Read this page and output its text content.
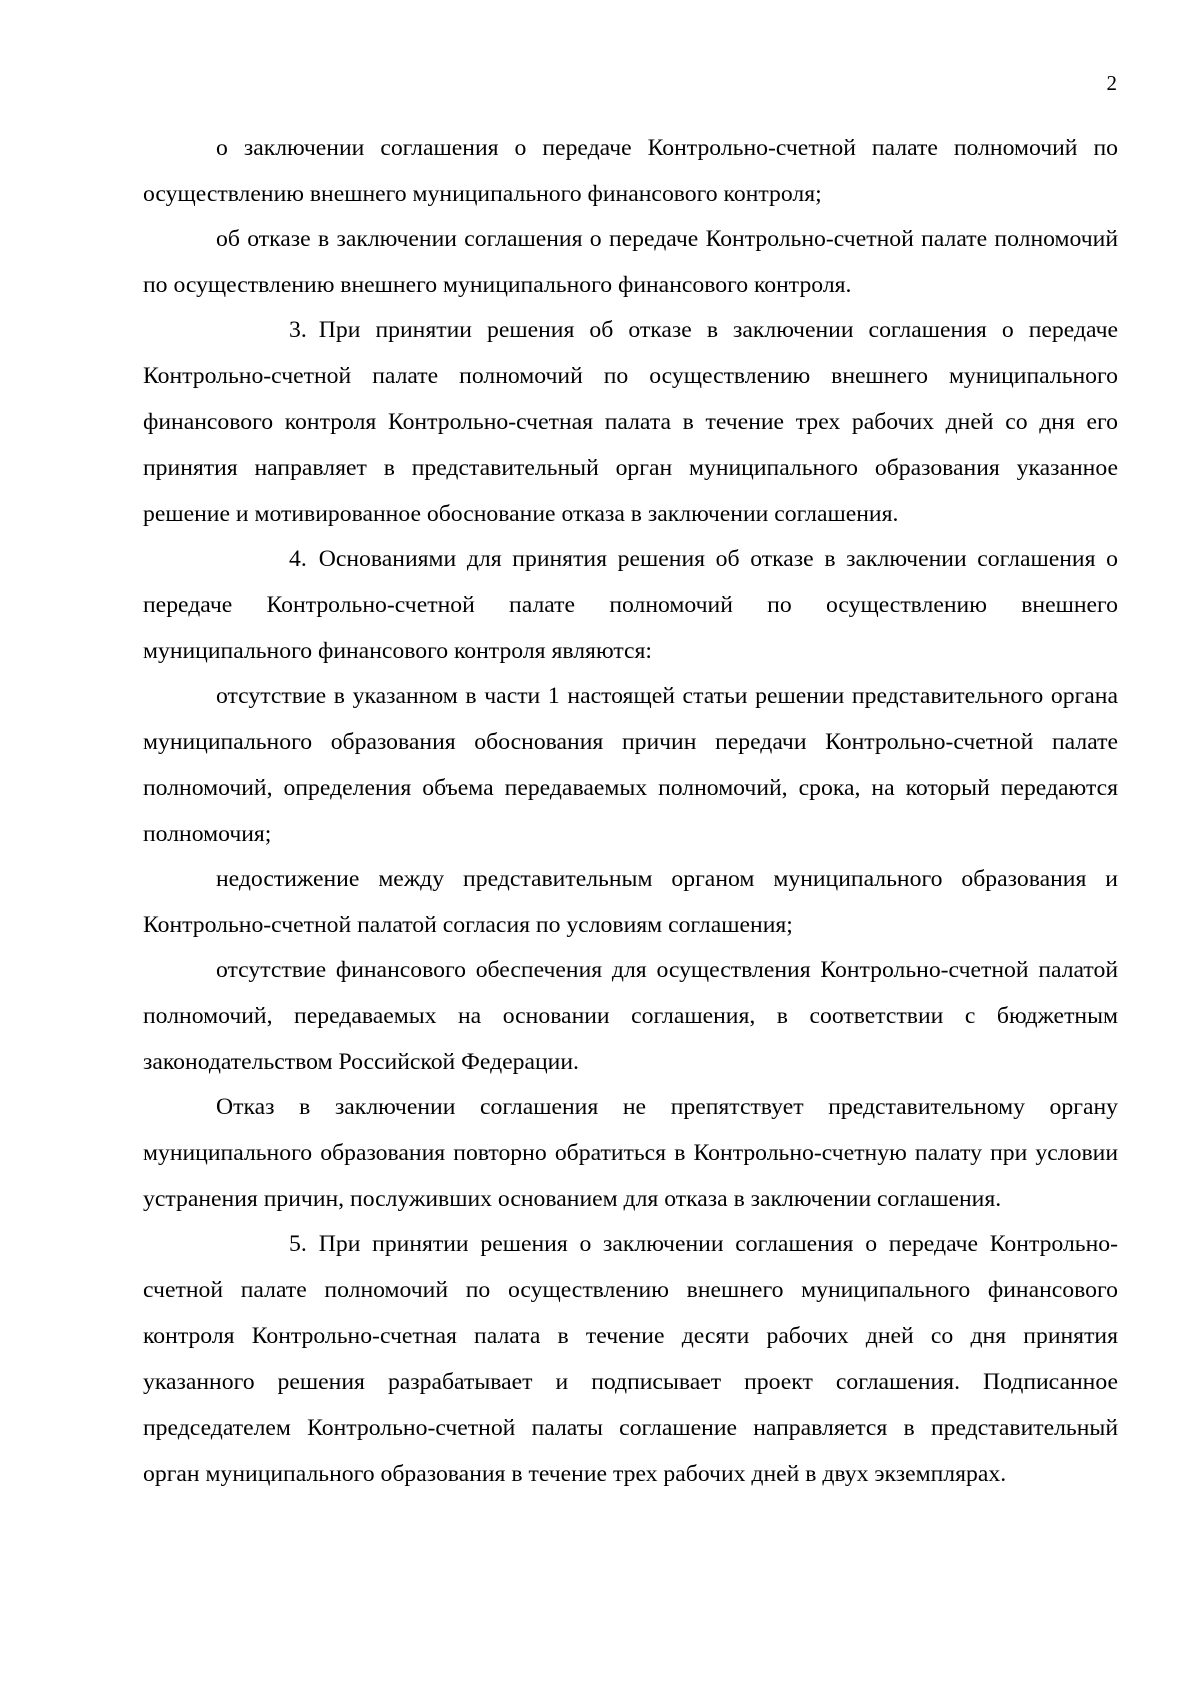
2

о заключении соглашения о передаче Контрольно-счетной палате полномочий по осуществлению внешнего муниципального финансового контроля;

об отказе в заключении соглашения о передаче Контрольно-счетной палате полномочий по осуществлению внешнего муниципального финансового контроля.

3. При принятии решения об отказе в заключении соглашения о передаче Контрольно-счетной палате полномочий по осуществлению внешнего муниципального финансового контроля Контрольно-счетная палата в течение трех рабочих дней со дня его принятия направляет в представительный орган муниципального образования указанное решение и мотивированное обоснование отказа в заключении соглашения.

4. Основаниями для принятия решения об отказе в заключении соглашения о передаче Контрольно-счетной палате полномочий по осуществлению внешнего муниципального финансового контроля являются:

отсутствие в указанном в части 1 настоящей статьи решении представительного органа муниципального образования обоснования причин передачи Контрольно-счетной палате полномочий, определения объема передаваемых полномочий, срока, на который передаются полномочия;

недостижение между представительным органом муниципального образования и Контрольно-счетной палатой согласия по условиям соглашения;

отсутствие финансового обеспечения для осуществления Контрольно-счетной палатой полномочий, передаваемых на основании соглашения, в соответствии с бюджетным законодательством Российской Федерации.

Отказ в заключении соглашения не препятствует представительному органу муниципального образования повторно обратиться в Контрольно-счетную палату при условии устранения причин, послуживших основанием для отказа в заключении соглашения.

5. При принятии решения о заключении соглашения о передаче Контрольно-счетной палате полномочий по осуществлению внешнего муниципального финансового контроля Контрольно-счетная палата в течение десяти рабочих дней со дня принятия указанного решения разрабатывает и подписывает проект соглашения. Подписанное председателем Контрольно-счетной палаты соглашение направляется в представительный орган муниципального образования в течение трех рабочих дней в двух экземплярах.
